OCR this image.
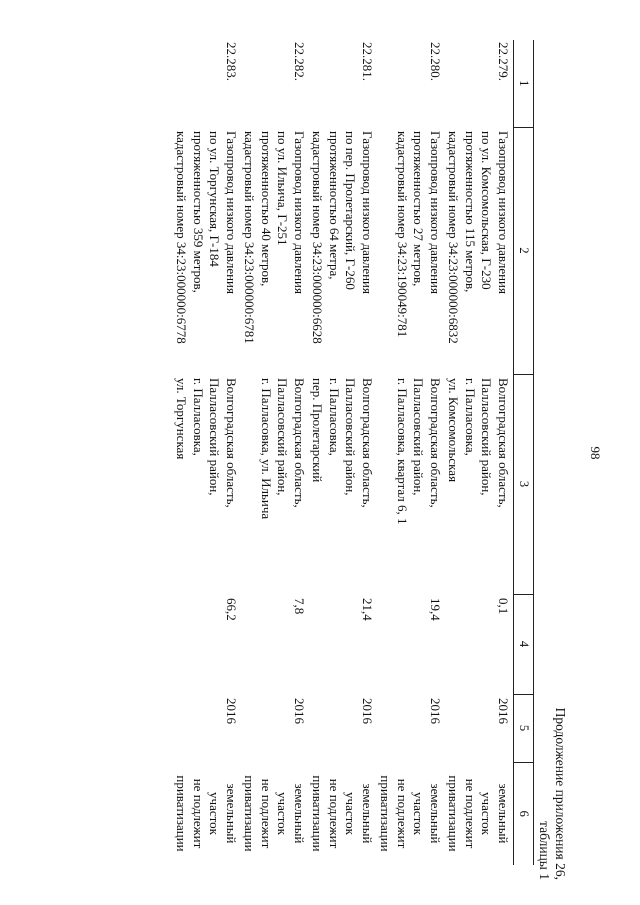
98
Продолжение приложения 26,
таблицы 1
1	2	3	4	5	6

22.279.	Газопровод низкого давления
по ул. Комсомольская, Г-230
протяженностью 115 метров,
кадастровый номер 34:23:000000:6832	Волгоградская область,
Палласовский район,
г. Палласовка,
ул. Комсомольская	0,1	2016	земельный
участок
не подлежит
приватизации

22.280.	Газопровод низкого давления
протяженностью 27 метров,
кадастровый номер 34:23:190049:781	Волгоградская область,
Палласовский район,
г. Палласовка, квартал 6, 1	19,4	2016	земельный
участок
не подлежит
приватизации

22.281.	Газопровод низкого давления
по пер. Пролетарский, Г-260
протяженностью 64 метра,
кадастровый номер 34:23:000000:6628	Волгоградская область,
Палласовский район,
г. Палласовка,
пер. Пролетарский	21,4	2016	земельный
участок
не подлежит
приватизации

22.282.	Газопровод низкого давления
по ул. Ильича, Г-251
протяженностью 40 метров,
кадастровый номер 34:23:000000:6781	Волгоградская область,
Палласовский район,
г. Палласовка, ул. Ильича	7,8	2016	земельный
участок
не подлежит
приватизации

22.283.	Газопровод низкого давления
по ул. Торгунская, Г-184
протяженностью 359 метров,
кадастровый номер 34:23:000000:6778	Волгоградская область,
Палласовский район,
г. Палласовка,
ул. Торгунская	66,2	2016	земельный
участок
не подлежит
приватизации
